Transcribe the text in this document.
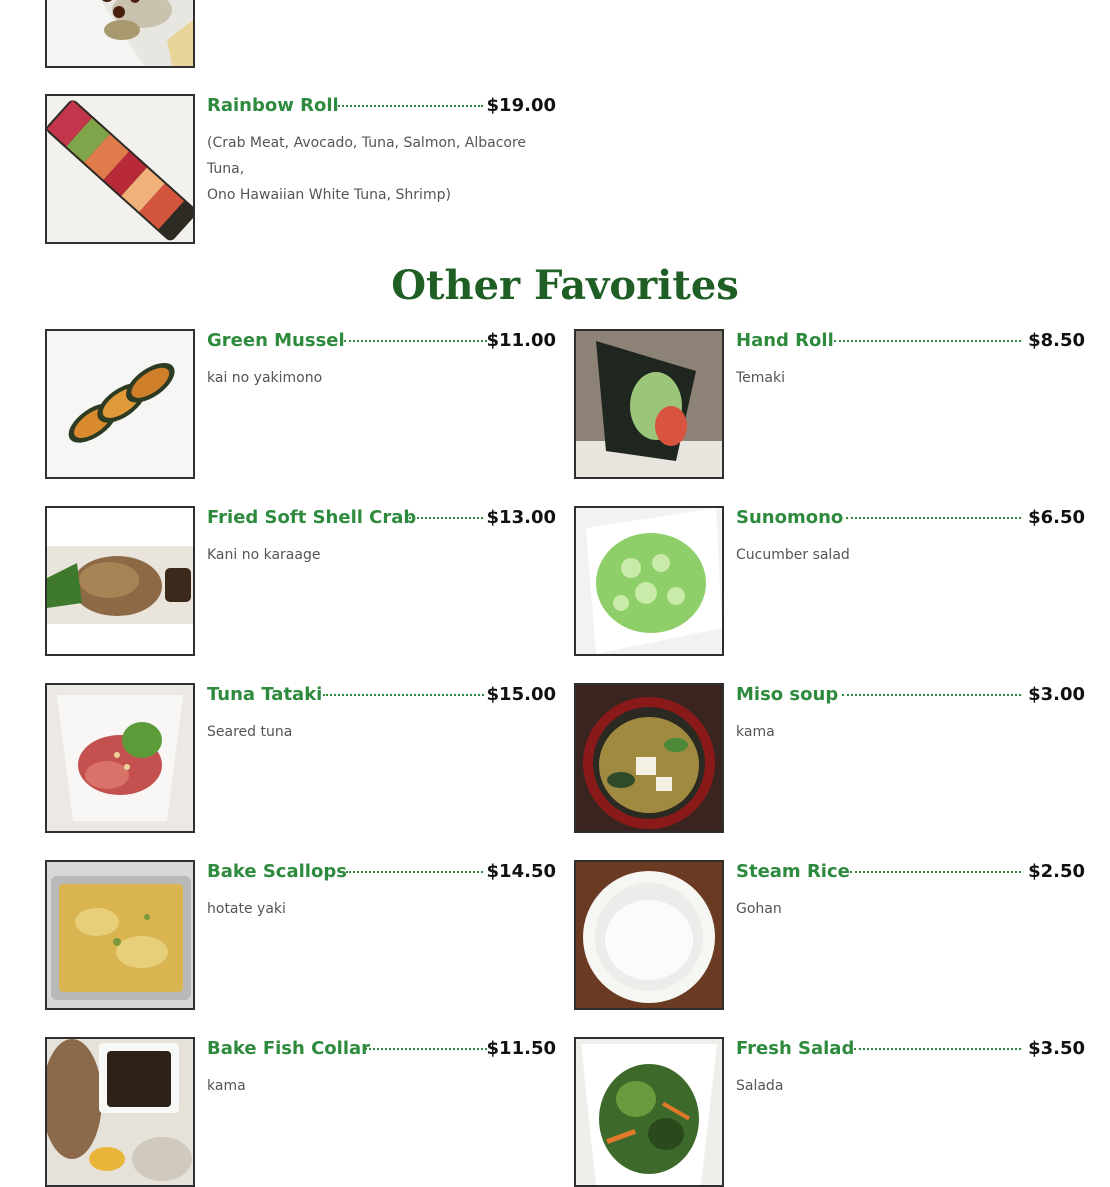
Rainbow Roll	$19.00
(Crab Meat, Avocado, Tuna, Salmon, Albacore Tuna,
Ono Hawaiian White Tuna, Shrimp)
Other Favorites
Green Mussel	$11.00
kai no yakimono
Hand Roll	$8.50
Temaki
Fried Soft Shell Crab	$13.00
Kani no karaage
Sunomono	$6.50
Cucumber salad
Tuna Tataki	$15.00
Seared tuna
Miso soup	$3.00
kama
Bake Scallops	$14.50
hotate yaki
Steam Rice	$2.50
Gohan
Bake Fish Collar	$11.50
kama
Fresh Salad	$3.50
Salada
